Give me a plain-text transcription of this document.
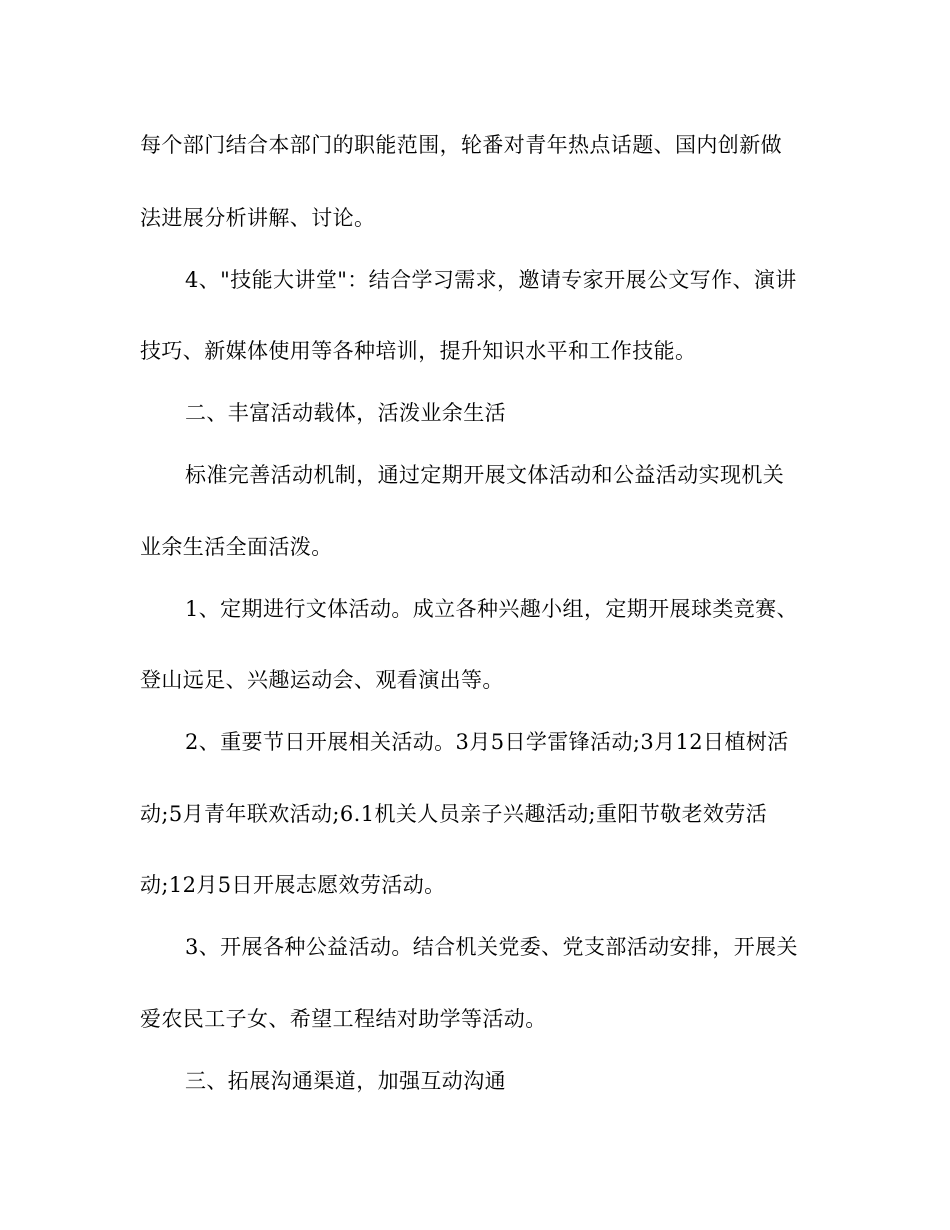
每个部门结合本部门的职能范围，轮番对青年热点话题、国内创新做
法进展分析讲解、讨论。
4、"技能大讲堂"：结合学习需求，邀请专家开展公文写作、演讲
技巧、新媒体使用等各种培训，提升知识水平和工作技能。
二、丰富活动载体，活泼业余生活
标准完善活动机制，通过定期开展文体活动和公益活动实现机关
业余生活全面活泼。
1、定期进行文体活动。成立各种兴趣小组，定期开展球类竞赛、
登山远足、兴趣运动会、观看演出等。
2、重要节日开展相关活动。3月5日学雷锋活动;3月12日植树活
动;5月青年联欢活动;6.1机关人员亲子兴趣活动;重阳节敬老效劳活
动;12月5日开展志愿效劳活动。
3、开展各种公益活动。结合机关党委、党支部活动安排，开展关
爱农民工子女、希望工程结对助学等活动。
三、拓展沟通渠道，加强互动沟通
